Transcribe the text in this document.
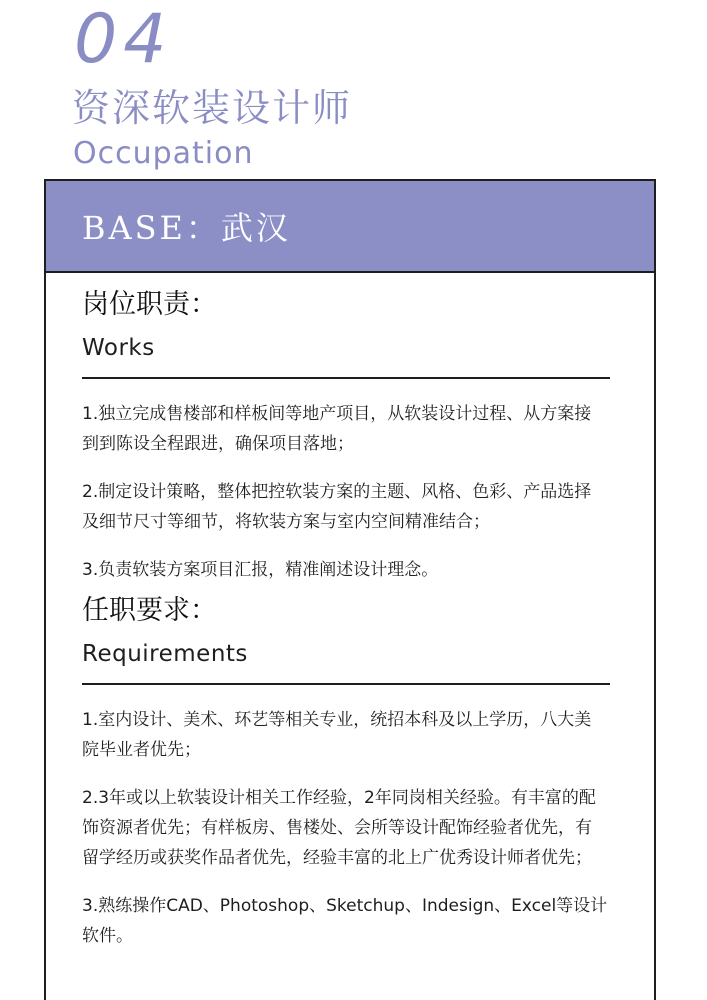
04
资深软装设计师
Occupation
BASE：武汉
岗位职责：
Works
1.独立完成售楼部和样板间等地产项目，从软装设计过程、从方案接到到陈设全程跟进，确保项目落地；
2.制定设计策略，整体把控软装方案的主题、风格、色彩、产品选择及细节尺寸等细节，将软装方案与室内空间精准结合；
3.负责软装方案项目汇报，精准阐述设计理念。
任职要求：
Requirements
1.室内设计、美术、环艺等相关专业，统招本科及以上学历，八大美院毕业者优先；
2.3年或以上软装设计相关工作经验，2年同岗相关经验。有丰富的配饰资源者优先；有样板房、售楼处、会所等设计配饰经验者优先，有留学经历或获奖作品者优先，经验丰富的北上广优秀设计师者优先；
3.熟练操作CAD、Photoshop、Sketchup、Indesign、Excel等设计软件。
